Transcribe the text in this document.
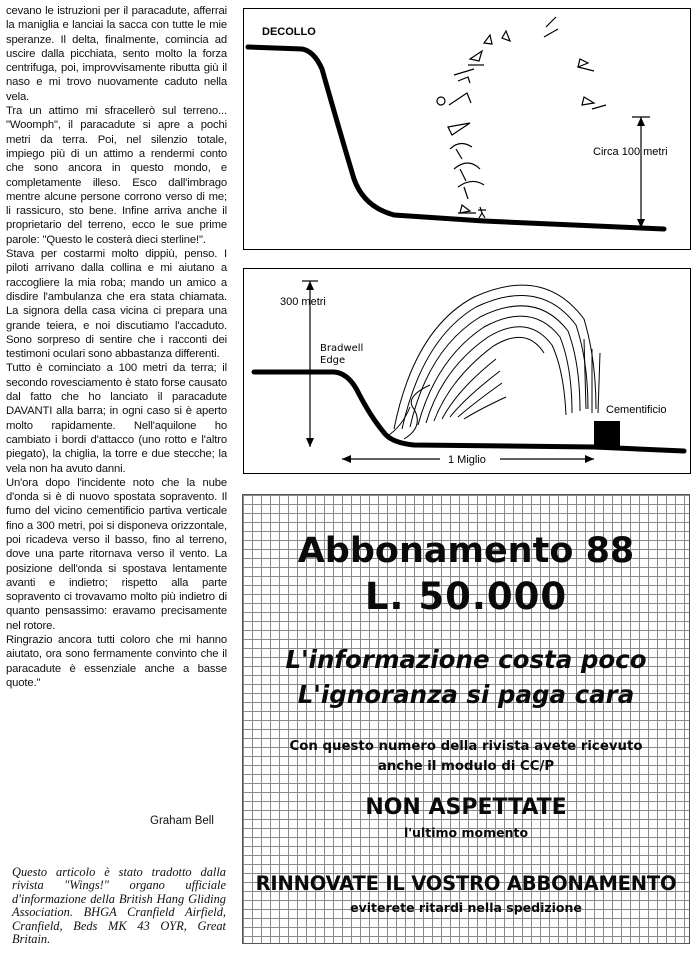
cevano le istruzioni per il paracadute, afferrai la maniglia e lanciai la sacca con tutte le mie speranze. Il delta, finalmente, comincia ad uscire dalla picchiata, sento molto la forza centrifuga, poi, improvvisamente ributta giù il naso e mi trovo nuovamente caduto nella vela.

Tra un attimo mi sfracellerò sul terreno... "Woomph", il paracadute si apre a pochi metri da terra. Poi, nel silenzio totale, impiego più di un attimo a rendermi conto che sono ancora in questo mondo, e completamente illeso. Esco dall'imbrago mentre alcune persone corrono verso di me; li rassicuro, sto bene. Infine arriva anche il proprietario del terreno, ecco le sue prime parole: "Questo le costerà dieci sterline!".

Stava per costarmi molto dippiù, penso. I piloti arrivano dalla collina e mi aiutano a raccogliere la mia roba; mando un amico a disdire l'ambulanza che era stata chiamata. La signora della casa vicina ci prepara una grande teiera, e noi discutiamo l'accaduto. Sono sorpreso di sentire che i racconti dei testimoni oculari sono abbastanza differenti.

Tutto è cominciato a 100 metri da terra; il secondo rovesciamento è stato forse causato dal fatto che ho lanciato il paracadute DAVANTI alla barra; in ogni caso si è aperto molto rapidamente. Nell'aquilone ho cambiato i bordi d'attacco (uno rotto e l'altro piegato), la chiglia, la torre e due stecche; la vela non ha avuto danni.

Un'ora dopo l'incidente noto che la nube d'onda si è di nuovo spostata sopravento. Il fumo del vicino cementificio partiva verticale fino a 300 metri, poi si disponeva orizzontale, poi ricadeva verso il basso, fino al terreno, dove una parte ritornava verso il vento. La posizione dell'onda si spostava lentamente avanti e indietro; rispetto alla parte sopravento ci trovavamo molto più indietro di quanto pensassimo: eravamo precisamente nel rotore.

Ringrazio ancora tutti coloro che mi hanno aiutato, ora sono fermamente convinto che il paracadute è essenziale anche a basse quote."

Graham Bell
Questo articolo è stato tradotto dalla rivista "Wings!" organo ufficiale d'informazione della British Hang Gliding Association. BHGA Cranfield Airfield, Cranfield, Beds MK 43 OYR, Great Britain.
DECOLLO
Circa 100 metri
300 metri
Bradwell
Edge
Cementificio
1 Miglio
Abbonamento 88
L. 50.000
L'informazione costa poco
L'ignoranza si paga cara
Con questo numero della rivista avete ricevuto
anche il modulo di CC/P
NON ASPETTATE
l'ultimo momento
RINNOVATE IL VOSTRO ABBONAMENTO
eviterete ritardi nella spedizione
